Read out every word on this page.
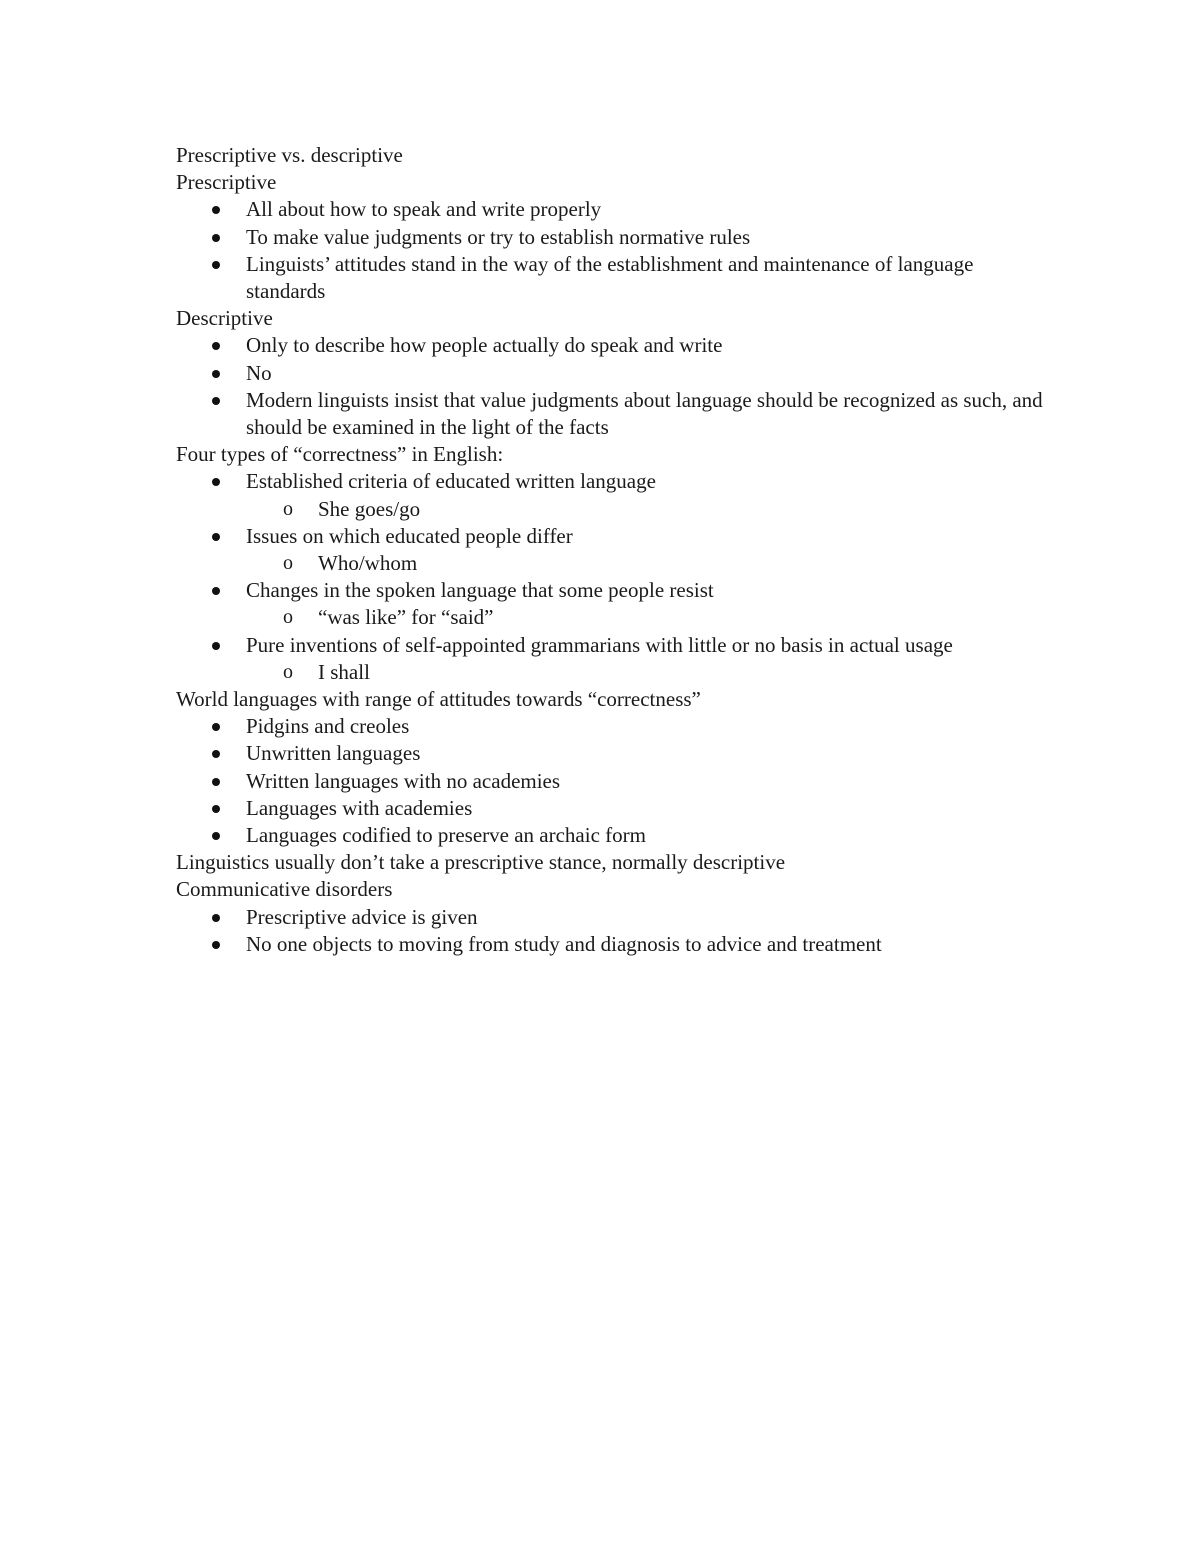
Prescriptive vs. descriptive
Prescriptive
All about how to speak and write properly
To make value judgments or try to establish normative rules
Linguists’ attitudes stand in the way of the establishment and maintenance of language standards
Descriptive
Only to describe how people actually do speak and write
No
Modern linguists insist that value judgments about language should be recognized as such, and should be examined in the light of the facts
Four types of “correctness” in English:
Established criteria of educated written language
o She goes/go
Issues on which educated people differ
o Who/whom
Changes in the spoken language that some people resist
o “was like” for “said”
Pure inventions of self-appointed grammarians with little or no basis in actual usage
o I shall
World languages with range of attitudes towards “correctness”
Pidgins and creoles
Unwritten languages
Written languages with no academies
Languages with academies
Languages codified to preserve an archaic form
Linguistics usually don’t take a prescriptive stance, normally descriptive
Communicative disorders
Prescriptive advice is given
No one objects to moving from study and diagnosis to advice and treatment
